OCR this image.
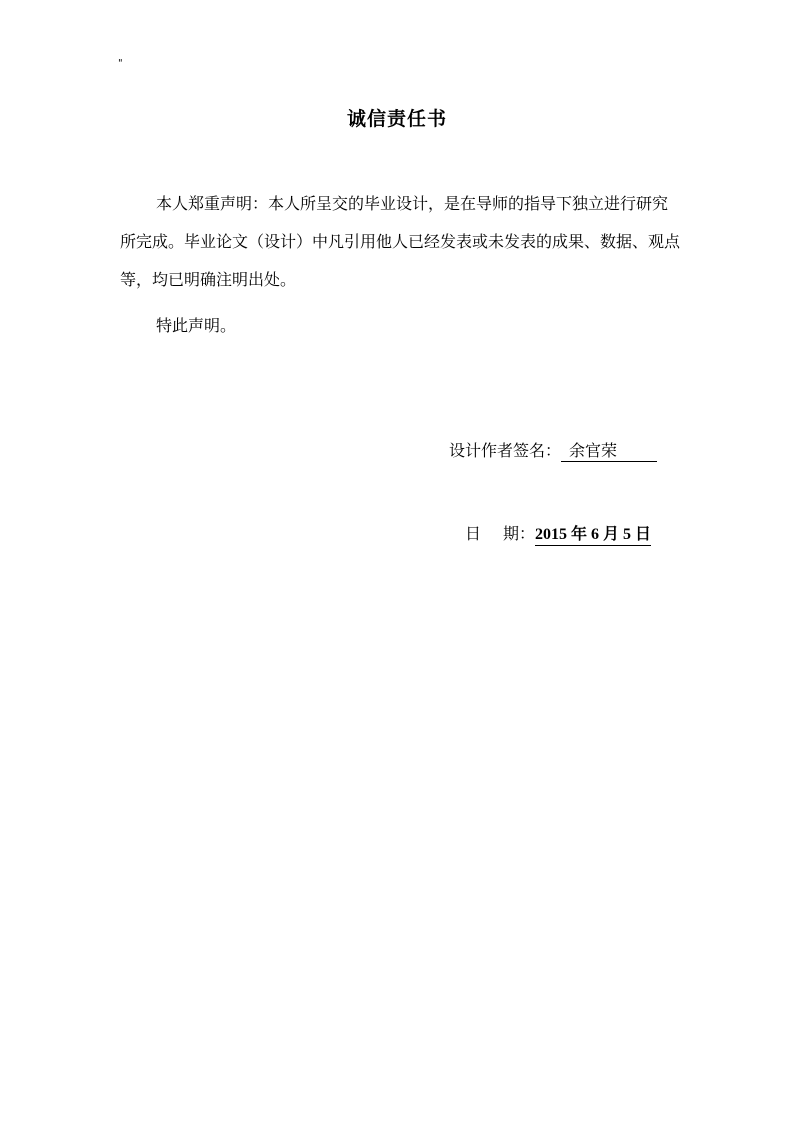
"
诚信责任书

本人郑重声明：本人所呈交的毕业设计，是在导师的指导下独立进行研究所完成。毕业论文（设计）中凡引用他人已经发表或未发表的成果、数据、观点等，均已明确注明出处。

特此声明。

设计作者签名： 余官荣
日期：2015 年 6 月 5 日
